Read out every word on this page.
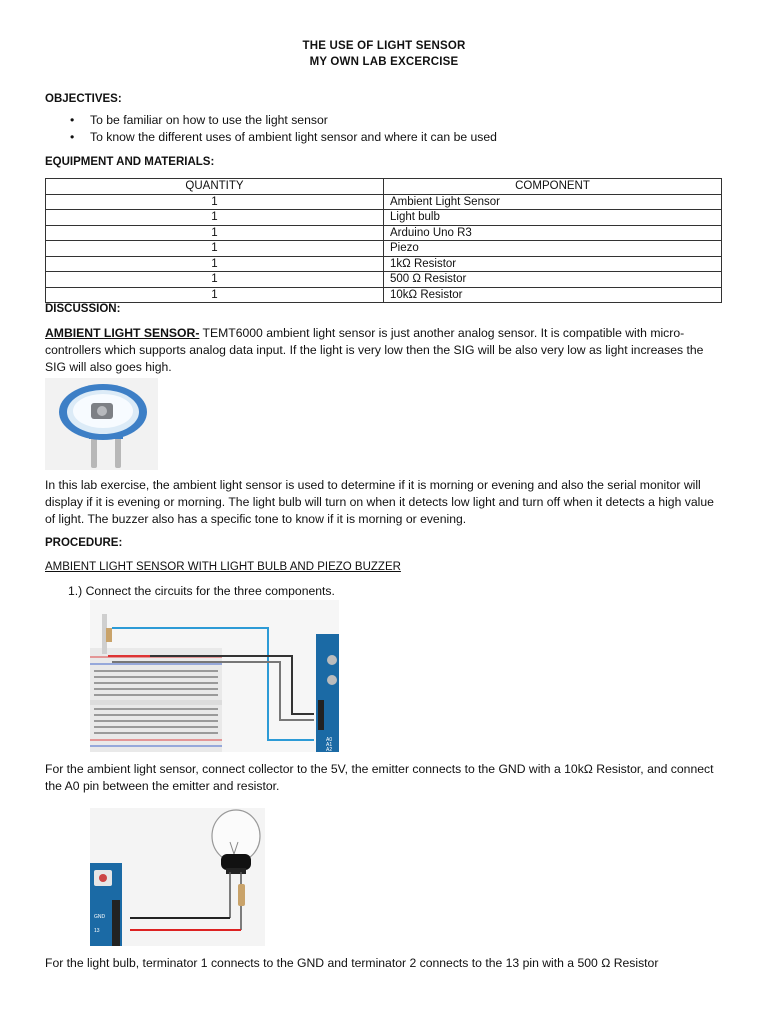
THE USE OF LIGHT SENSOR
MY OWN LAB EXCERCISE
OBJECTIVES:
• To be familiar on how to use the light sensor
• To know the different uses of ambient light sensor and where it can be used
EQUIPMENT AND MATERIALS:
QUANTITY	COMPONENT
1	Ambient Light Sensor
1	Light bulb
1	Arduino Uno R3
1	Piezo
1	1kΩ Resistor
1	500 Ω Resistor
1	10kΩ Resistor
DISCUSSION:
AMBIENT LIGHT SENSOR- TEMT6000 ambient light sensor is just another analog sensor. It is compatible with micro-controllers which supports analog data input. If the light is very low then the SIG will be also very low as light increases the SIG will also goes high.
In this lab exercise, the ambient light sensor is used to determine if it is morning or evening and also the serial monitor will display if it is evening or morning. The light bulb will turn on when it detects low light and turn off when it detects a high value of light. The buzzer also has a specific tone to know if it is morning or evening.
PROCEDURE:
AMBIENT LIGHT SENSOR WITH LIGHT BULB AND PIEZO BUZZER
1.) Connect the circuits for the three components.
A0
A1
A2
For the ambient light sensor, connect collector to the 5V, the emitter connects to the GND with a 10kΩ Resistor, and connect the A0 pin between the emitter and resistor.
GND
13
For the light bulb, terminator 1 connects to the GND and terminator 2 connects to the 13 pin with a 500 Ω Resistor
